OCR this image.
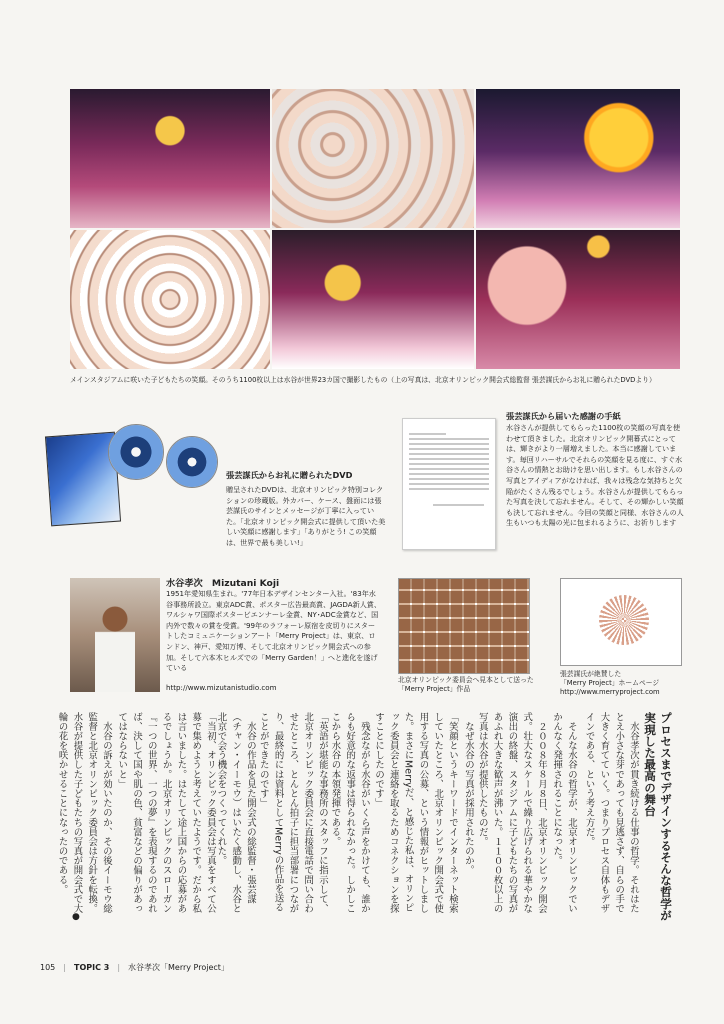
メインスタジアムに咲いた子どもたちの笑顔。そのうち1100枚以上は水谷が世界23カ国で撮影したもの（上の写真は、北京オリンピック開会式総監督 張芸謀氏からお礼に贈られたDVDより）
張芸謀氏からお礼に贈られたDVD
贈呈されたDVDは、北京オリンピック特別コレクションの珍蔵版。外カバー、ケース、盤面には張芸謀氏のサインとメッセージが丁寧に入っていた。「北京オリンピック開会式に提供して頂いた美しい笑顔に感謝します」「ありがとう! この笑顔は、世界で最も美しい!」
張芸謀氏から届いた感謝の手紙
水谷さんが提供してもらった1100枚の笑顔の写真を使わせて頂きました。北京オリンピック開幕式にとっては、輝きがより一層増えました。本当に感謝しています。毎回リハーサルでそれらの笑顔を見る度に、すぐ水谷さんの情熱とお助けを思い出します。もし水谷さんの写真とアイディアがなければ、我々は残念な気持ちと欠陥がたくさん残るでしょう。水谷さんが提供してもらった写真を決して忘れません。そして、その輝かしい笑顔も決して忘れません。今回の笑顔と同様、水谷さんの人生もいつも太陽の光に包まれるように、お祈りします
水谷孝次　Mizutani Koji
1951年愛知県生まれ。'77年日本デザインセンター入社。'83年水谷事務所設立。東京ADC賞、ポスター広告最高賞、JAGDA新人賞、ワルシャワ国際ポスタービエンナーレ金賞、NY･ADC金賞など、国内外で数々の賞を受賞。'99年のラフォーレ原宿を皮切りにスタートしたコミュニケーションアート「Merry Project」は、東京、ロンドン、神戸、愛知万博、そして北京オリンピック開会式への参加。そして六本木ヒルズでの「Merry Garden！」へと進化を遂げている
http://www.mizutanistudio.com
北京オリンピック委員会へ見本として送った「Merry Project」作品
張芸謀氏が絶賛した
「Merry Project」ホームページ
http://www.merryproject.com
プロセスまでデザインするそんな哲学が実現した最高の舞台
　水谷孝次が貫き続ける仕事の哲学。それはたとえ小さな芽であっても見逃さず、自らの手で大きく育てていく。つまりプロセス自体もデザインである、という考え方だ。
　そんな水谷の哲学が、北京オリンピックでいかんなく発揮されることになった。
　２００８年８月８日、北京オリンピック開会式。壮大なスケールで繰り広げられる華やかな演出の終盤、スタジアムに子どもたちの写真があふれ大きな歓声が沸いた。１１００枚以上の写真は水谷が提供したものだ。
　なぜ水谷の写真が採用されたのか。
「笑顔というキーワードでインターネット検索していたところ、北京オリンピック開会式で使用する写真の公募、という情報がヒットしました。まさにMerryだ、と感じた私は、オリンピック委員会と連絡を取るためコネクションを探すことにしたのです」
　残念ながら水谷がいくら声をかけても、誰からも好意的な返事は得られなかった。しかしここから水谷の本領発揮である。
「英語が堪能な事務所のスタッフに指示して、北京オリンピック委員会に直接電話で問い合わせたところ、とんとん拍子に担当部署につながり、最終的には資料としてMerryの作品を送ることができたのです」
　水谷の作品を見た開会式の総監督・張芸謀（チャン・イーモウ）はいたく感動し、水谷と北京で会う機会をつくってくれた。
「当初、オリンピック委員会は写真をすべて公募で集めようと考えていたようです。だから私は言いました。はたして途上国からの応募があるでしょうか。北京オリンピックのスローガン『一つの世界、一つの夢』を表現するのであれば、決して国や肌の色、貧富などの偏りがあってはならないと」
　水谷の訴えが効いたのか、その後イーモウ総監督と北京オリンピック委員会は方針を転換。水谷が提供した子どもたちの写真が開会式で大輪の花を咲かせることになったのである。
●
105 | TOPIC 3 | 水谷孝次「Merry Project」
